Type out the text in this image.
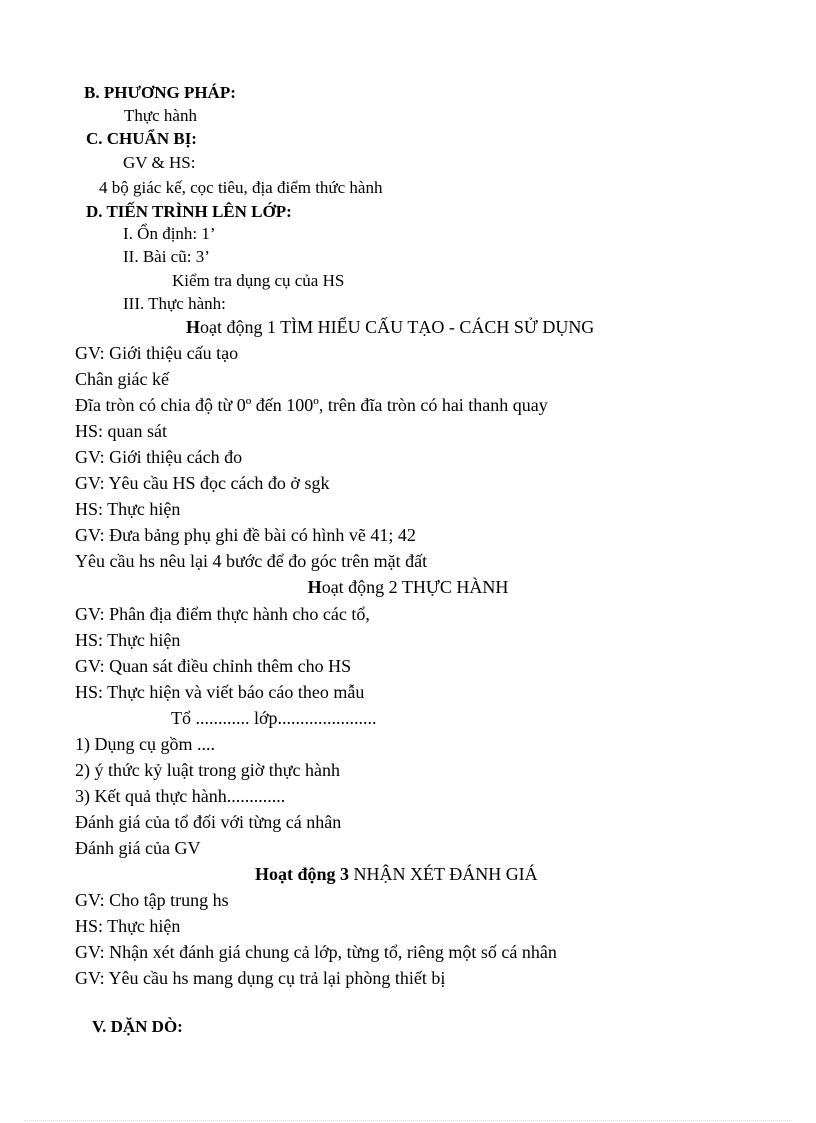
B. PHƯƠNG PHÁP:
Thực hành
C. CHUẨN BỊ:
GV & HS:
4 bộ giác kế, cọc tiêu, địa điểm thức hành
D. TIẾN TRÌNH LÊN LỚP:
I. Ổn định: 1’
II. Bài cũ: 3’
Kiểm tra dụng cụ của HS
III. Thực hành:
Hoạt động 1 TÌM HIỂU CẤU TẠO - CÁCH SỬ DỤNG
GV: Giới thiệu cấu tạo
Chân giác kế
Đĩa tròn có chia độ từ 0º đến 100º, trên đĩa tròn có hai thanh quay
HS: quan sát
GV: Giới thiệu cách đo
GV: Yêu cầu HS đọc cách đo ở sgk
HS: Thực hiện
GV: Đưa bảng phụ ghi đề bài có hình vẽ 41; 42
Yêu cầu hs nêu lại 4 bước để đo góc trên mặt đất
Hoạt động 2 THỰC HÀNH
GV: Phân địa điểm thực hành cho các tổ,
HS: Thực hiện
GV: Quan sát điều chỉnh thêm cho HS
HS: Thực hiện và viết báo cáo theo mẫu
Tổ ............ lớp......................
1) Dụng cụ gồm ....
2) ý thức kỷ luật trong giờ thực hành
3) Kết quả thực hành.............
Đánh giá của tổ đối với từng cá nhân
Đánh giá của GV
Hoạt động 3 NHẬN XÉT ĐÁNH GIÁ
GV: Cho tập trung hs
HS: Thực hiện
GV: Nhận xét đánh giá chung cả lớp, từng tổ, riêng một số cá nhân
GV: Yêu cầu hs mang dụng cụ trả lại phòng thiết bị
V. DẶN DÒ:
